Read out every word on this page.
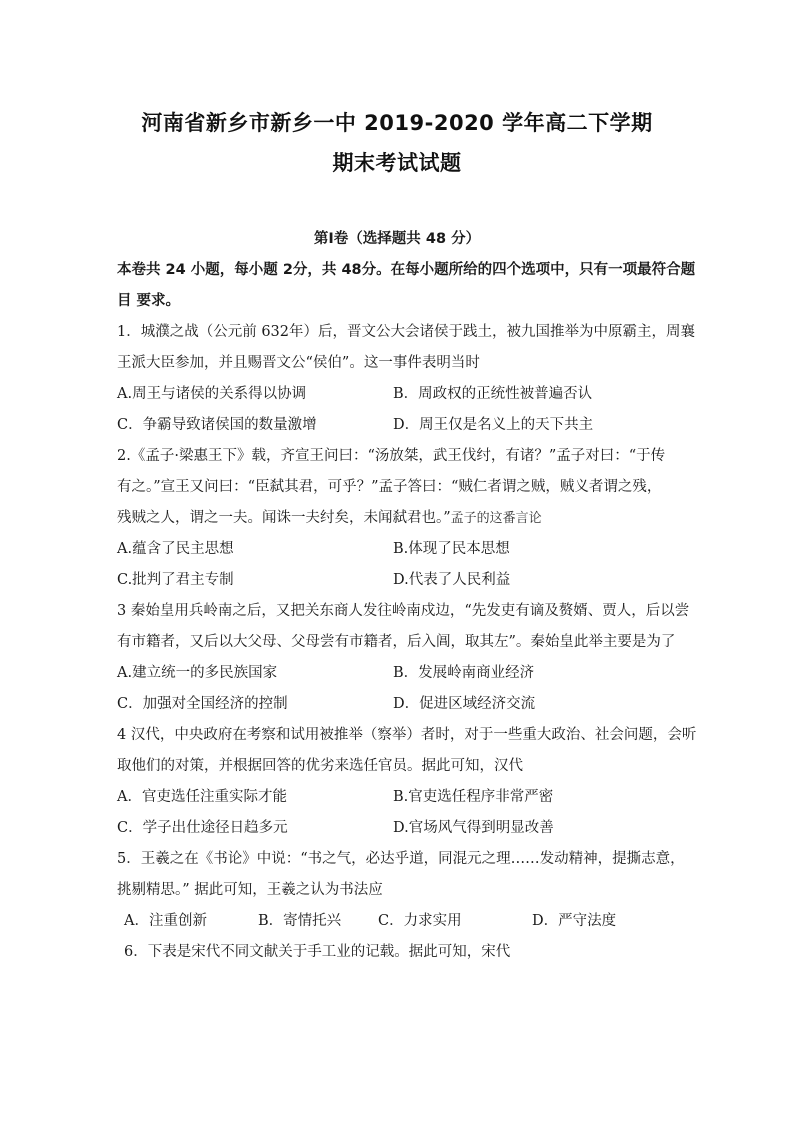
河南省新乡市新乡一中 2019-2020 学年高二下学期
期末考试试题

第Ⅰ卷（选择题共 48 分）

本卷共 24 小题，每小题 2分，共 48分。在每小题所给的四个选项中，只有一项最符合题

目 要求。

1．城濮之战（公元前 632年）后，晋文公大会诸侯于践土，被九国推举为中原霸主，周襄

王派大臣参加，并且赐晋文公“侯伯”。这一事件表明当时

A.周王与诸侯的关系得以协调	B．周政权的正统性被普遍否认

C．争霸导致诸侯国的数量激增	D．周王仅是名义上的天下共主

2.《孟子·梁惠王下》载，齐宣王问曰：“汤放桀，武王伐纣，有诸？”孟子对曰：“于传

有之。”宣王又问曰：“臣弑其君，可乎？”孟子答曰：“贼仁者谓之贼，贼义者谓之残，

残贼之人，谓之一夫。闻诛一夫纣矣，未闻弑君也。”孟子的这番言论

A.蕴含了民主思想	B.体现了民本思想

C.批判了君主专制	D.代表了人民利益

3 秦始皇用兵岭南之后，又把关东商人发往岭南戍边，“先发吏有谪及赘婿、贾人，后以尝

有市籍者，又后以大父母、父母尝有市籍者，后入阊，取其左”。秦始皇此举主要是为了

A.建立统一的多民族国家	B．发展岭南商业经济

C．加强对全国经济的控制	D．促进区域经济交流

4 汉代，中央政府在考察和试用被推举（察举）者时，对于一些重大政治、社会问题，会听

取他们的对策，并根据回答的优劣来选任官员。据此可知，汉代

A．官吏选任注重实际才能	B.官吏选任程序非常严密

C．学子出仕途径日趋多元	D.官场风气得到明显改善

5．王羲之在《书论》中说：“书之气，必达乎道，同混元之理……发动精神，提撕志意，

挑剔精思。” 据此可知，王羲之认为书法应

A．注重创新	B．寄情托兴	C．力求实用	D．严守法度

6．下表是宋代不同文献关于手工业的记载。据此可知，宋代
